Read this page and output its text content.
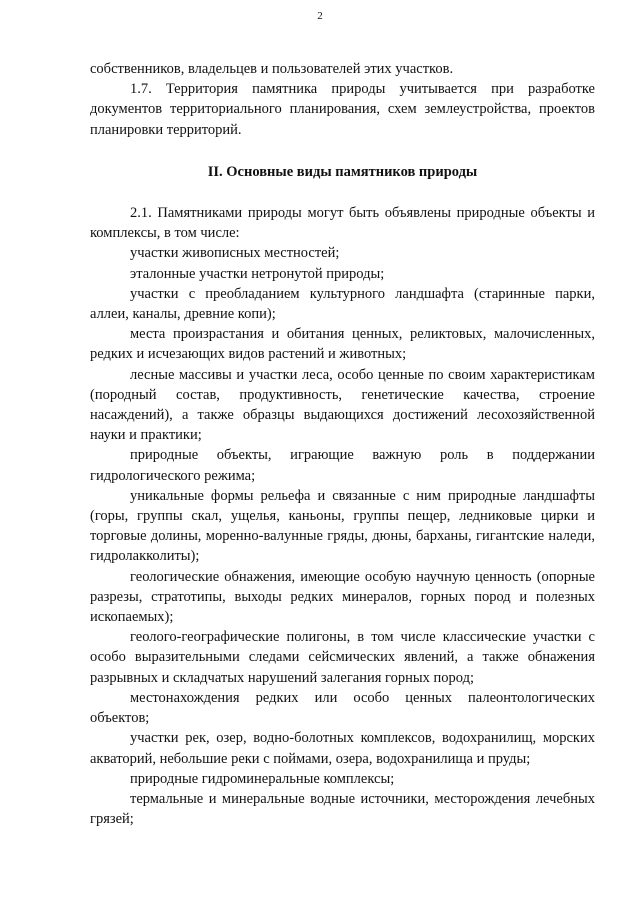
2

собственников, владельцев и пользователей этих участков.

1.7. Территория памятника природы учитывается при разработке документов территориального планирования, схем землеустройства, проектов планировки территорий.

II. Основные виды памятников природы

2.1. Памятниками природы могут быть объявлены природные объекты и комплексы, в том числе:

участки живописных местностей;

эталонные участки нетронутой природы;

участки с преобладанием культурного ландшафта (старинные парки, аллеи, каналы, древние копи);

места произрастания и обитания ценных, реликтовых, малочисленных, редких и исчезающих видов растений и животных;

лесные массивы и участки леса, особо ценные по своим характеристикам (породный состав, продуктивность, генетические качества, строение насаждений), а также образцы выдающихся достижений лесохозяйственной науки и практики;

природные объекты, играющие важную роль в поддержании гидрологического режима;

уникальные формы рельефа и связанные с ним природные ландшафты (горы, группы скал, ущелья, каньоны, группы пещер, ледниковые цирки и торговые долины, моренно-валунные гряды, дюны, барханы, гигантские наледи, гидролакколиты);

геологические обнажения, имеющие особую научную ценность (опорные разрезы, стратотипы, выходы редких минералов, горных пород и полезных ископаемых);

геолого-географические полигоны, в том числе классические участки с особо выразительными следами сейсмических явлений, а также обнажения разрывных и складчатых нарушений залегания горных пород;

местонахождения редких или особо ценных палеонтологических объектов;

участки рек, озер, водно-болотных комплексов, водохранилищ, морских акваторий, небольшие реки с поймами, озера, водохранилища и пруды;

природные гидроминеральные комплексы;

термальные и минеральные водные источники, месторождения лечебных грязей;
